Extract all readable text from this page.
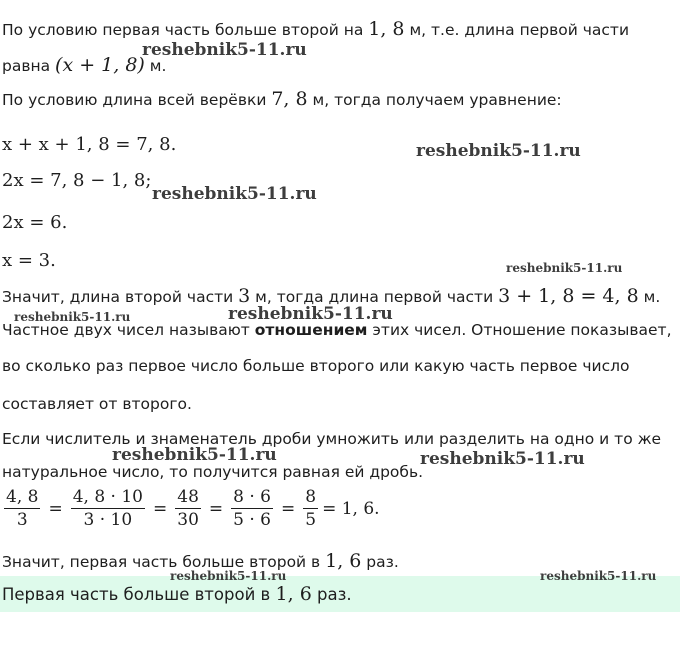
По условию первая часть больше второй на 1, 8 м, т.е. длина первой части
reshebnik5-11.ru
равна (x + 1, 8) м.
По условию длина всей верёвки 7, 8 м, тогда получаем уравнение:
x + x + 1, 8 = 7, 8.	reshebnik5-11.ru
2x = 7, 8 − 1, 8;
reshebnik5-11.ru
2x = 6.
x = 3.	reshebnik5-11.ru
Значит, длина второй части 3 м, тогда длина первой части 3 + 1, 8 = 4, 8 м.
reshebnik5-11.ru	reshebnik5-11.ru
Частное двух чисел называют отношением этих чисел. Отношение показывает,
во сколько раз первое число больше второго или какую часть первое число
составляет от второго.
Если числитель и знаменатель дроби умножить или разделить на одно и то же
reshebnik5-11.ru	reshebnik5-11.ru
натуральное число, то получится равная ей дробь.
$\frac{4, 8}{3} = \frac{4, 8 \cdot 10}{3 \cdot 10} = \frac{48}{30} = \frac{8 \cdot 6}{5 \cdot 6} = \frac{8}{5} = 1$, 6.
Значит, первая часть больше второй в 1, 6 раз.
reshebnik5-11.ru	reshebnik5-11.ru
Первая часть больше второй в 1, 6 раз.
